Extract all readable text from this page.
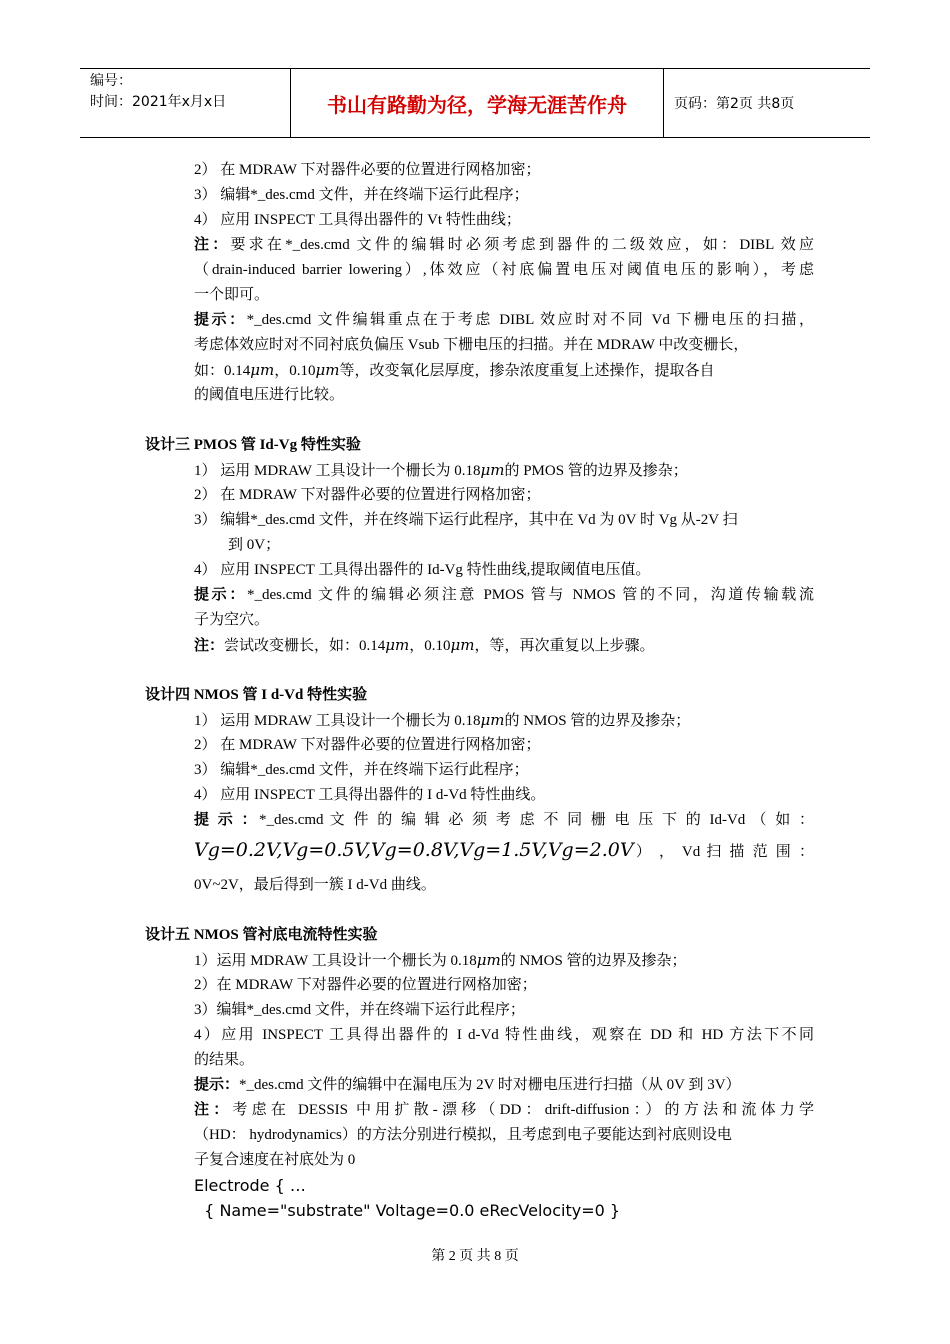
编号：
时间：2021年x月x日	书山有路勤为径，学海无涯苦作舟	页码：第2页 共8页
2） 在 MDRAW 下对器件必要的位置进行网格加密；
3） 编辑*_des.cmd 文件，并在终端下运行此程序；
4） 应用 INSPECT 工具得出器件的 Vt 特性曲线；
注：要求在*_des.cmd 文件的编辑时必须考虑到器件的二级效应，如：DIBL 效应
（drain-induced barrier lowering）,体效应（衬底偏置电压对阈值电压的影响），考虑
一个即可。
提示：*_des.cmd 文件编辑重点在于考虑 DIBL 效应时对不同 Vd 下栅电压的扫描，
考虑体效应时对不同衬底负偏压 Vsub 下栅电压的扫描。并在 MDRAW 中改变栅长，
如：0.14μm，0.10μm等，改变氧化层厚度，掺杂浓度重复上述操作，提取各自
的阈值电压进行比较。
设计三 PMOS 管 Id-Vg 特性实验
1） 运用 MDRAW 工具设计一个栅长为 0.18μm的 PMOS 管的边界及掺杂；
2） 在 MDRAW 下对器件必要的位置进行网格加密；
3） 编辑*_des.cmd 文件，并在终端下运行此程序，其中在 Vd 为 0V 时 Vg 从-2V 扫
到 0V；
4） 应用 INSPECT 工具得出器件的 Id-Vg 特性曲线,提取阈值电压值。
提示：*_des.cmd 文件的编辑必须注意 PMOS 管与 NMOS 管的不同，沟道传输载流
子为空穴。
注：尝试改变栅长，如：0.14μm，0.10μm，等，再次重复以上步骤。
设计四 NMOS 管 I d-Vd 特性实验
1） 运用 MDRAW 工具设计一个栅长为 0.18μm的 NMOS 管的边界及掺杂；
2） 在 MDRAW 下对器件必要的位置进行网格加密；
3） 编辑*_des.cmd 文件，并在终端下运行此程序；
4） 应用 INSPECT 工具得出器件的 I d-Vd 特性曲线。
提 示 ：*_des.cmd 文 件 的 编 辑 必 须 考 虑 不 同 栅 电 压 下 的 Id-Vd （ 如 ：
Vg=0.2V,Vg=0.5V,Vg=0.8V,Vg=1.5V,Vg=2.0V） ， Vd 扫 描 范 围 ：
0V~2V，最后得到一簇 I d-Vd 曲线。
设计五 NMOS 管衬底电流特性实验
1）运用 MDRAW 工具设计一个栅长为 0.18μm的 NMOS 管的边界及掺杂；
2）在 MDRAW 下对器件必要的位置进行网格加密；
3）编辑*_des.cmd 文件，并在终端下运行此程序；
4）应用 INSPECT 工具得出器件的 I d-Vd 特性曲线，观察在 DD 和 HD 方法下不同
的结果。
提示：*_des.cmd 文件的编辑中在漏电压为 2V 时对栅电压进行扫描（从 0V 到 3V）
注：考虑在 DESSIS 中用扩散-漂移（DD：drift-diffusion：）的方法和流体力学
（HD： hydrodynamics）的方法分别进行模拟，且考虑到电子要能达到衬底则设电
子复合速度在衬底处为 0
Electrode { …
{ Name="substrate" Voltage=0.0 eRecVelocity=0 }
第 2 页 共 8 页
